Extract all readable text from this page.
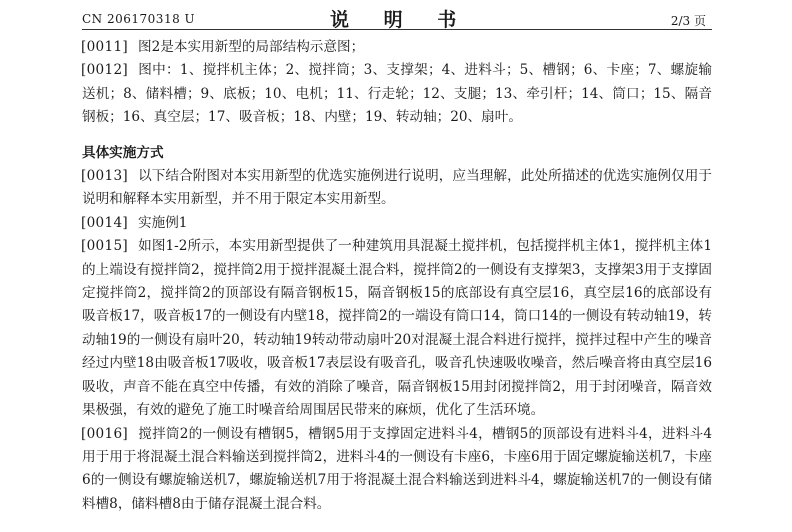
CN 206170318 U	说 明 书	2/3 页

[0011] 图2是本实用新型的局部结构示意图；

[0012] 图中：1、搅拌机主体；2、搅拌筒；3、支撑架；4、进料斗；5、槽钢；6、卡座；7、螺旋输送机；8、储料槽；9、底板；10、电机；11、行走轮；12、支腿；13、牵引杆；14、筒口；15、隔音钢板；16、真空层；17、吸音板；18、内壁；19、转动轴；20、扇叶。

具体实施方式

[0013] 以下结合附图对本实用新型的优选实施例进行说明，应当理解，此处所描述的优选实施例仅用于说明和解释本实用新型，并不用于限定本实用新型。

[0014] 实施例1

[0015] 如图1-2所示，本实用新型提供了一种建筑用具混凝土搅拌机，包括搅拌机主体1，搅拌机主体1的上端设有搅拌筒2，搅拌筒2用于搅拌混凝土混合料，搅拌筒2的一侧设有支撑架3，支撑架3用于支撑固定搅拌筒2，搅拌筒2的顶部设有隔音钢板15，隔音钢板15的底部设有真空层16，真空层16的底部设有吸音板17，吸音板17的一侧设有内壁18，搅拌筒2的一端设有筒口14，筒口14的一侧设有转动轴19，转动轴19的一侧设有扇叶20，转动轴19转动带动扇叶20对混凝土混合料进行搅拌，搅拌过程中产生的噪音经过内壁18由吸音板17吸收，吸音板17表层设有吸音孔，吸音孔快速吸收噪音，然后噪音将由真空层16吸收，声音不能在真空中传播，有效的消除了噪音，隔音钢板15用封闭搅拌筒2，用于封闭噪音，隔音效果极强，有效的避免了施工时噪音给周围居民带来的麻烦，优化了生活环境。

[0016] 搅拌筒2的一侧设有槽钢5，槽钢5用于支撑固定进料斗4，槽钢5的顶部设有进料斗4，进料斗4用于用于将混凝土混合料输送到搅拌筒2，进料斗4的一侧设有卡座6，卡座6用于固定螺旋输送机7，卡座6的一侧设有螺旋输送机7，螺旋输送机7用于将混凝土混合料输送到进料斗4，螺旋输送机7的一侧设有储料槽8，储料槽8由于储存混凝土混合料。
